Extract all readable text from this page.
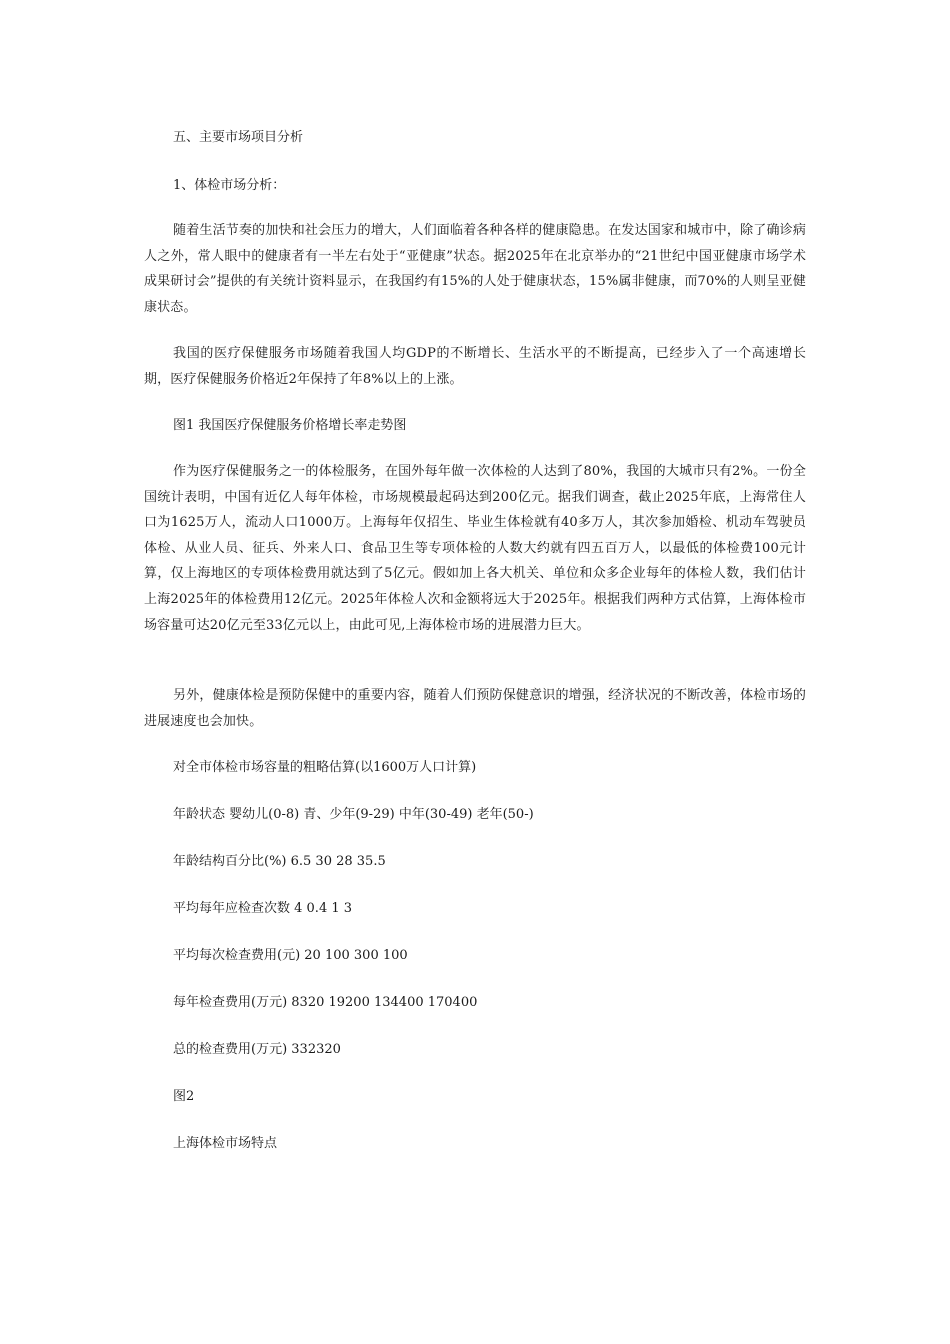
五、主要市场项目分析

1、体检市场分析：

随着生活节奏的加快和社会压力的增大，人们面临着各种各样的健康隐患。在发达国家和城市中，除了确诊病人之外，常人眼中的健康者有一半左右处于“亚健康”状态。据2025年在北京举办的“21世纪中国亚健康市场学术成果研讨会”提供的有关统计资料显示，在我国约有15%的人处于健康状态，15%属非健康，而70%的人则呈亚健康状态。

我国的医疗保健服务市场随着我国人均GDP的不断增长、生活水平的不断提高，已经步入了一个高速增长期，医疗保健服务价格近2年保持了年8%以上的上涨。

图1 我国医疗保健服务价格增长率走势图

作为医疗保健服务之一的体检服务，在国外每年做一次体检的人达到了80%，我国的大城市只有2%。一份全国统计表明，中国有近亿人每年体检，市场规模最起码达到200亿元。据我们调查，截止2025年底，上海常住人口为1625万人，流动人口1000万。上海每年仅招生、毕业生体检就有40多万人，其次参加婚检、机动车驾驶员体检、从业人员、征兵、外来人口、食品卫生等专项体检的人数大约就有四五百万人，以最低的体检费100元计算，仅上海地区的专项体检费用就达到了5亿元。假如加上各大机关、单位和众多企业每年的体检人数，我们估计上海2025年的体检费用12亿元。2025年体检人次和金额将远大于2025年。根据我们两种方式估算，上海体检市场容量可达20亿元至33亿元以上，由此可见,上海体检市场的进展潜力巨大。

另外，健康体检是预防保健中的重要内容，随着人们预防保健意识的增强，经济状况的不断改善，体检市场的进展速度也会加快。

对全市体检市场容量的粗略估算(以1600万人口计算)

年龄状态 婴幼儿(0-8) 青、少年(9-29) 中年(30-49) 老年(50-)

年龄结构百分比(%) 6.5 30 28 35.5

平均每年应检查次数 4 0.4 1 3

平均每次检查费用(元) 20 100 300 100

每年检查费用(万元) 8320 19200 134400 170400

总的检查费用(万元) 332320

图2

上海体检市场特点
